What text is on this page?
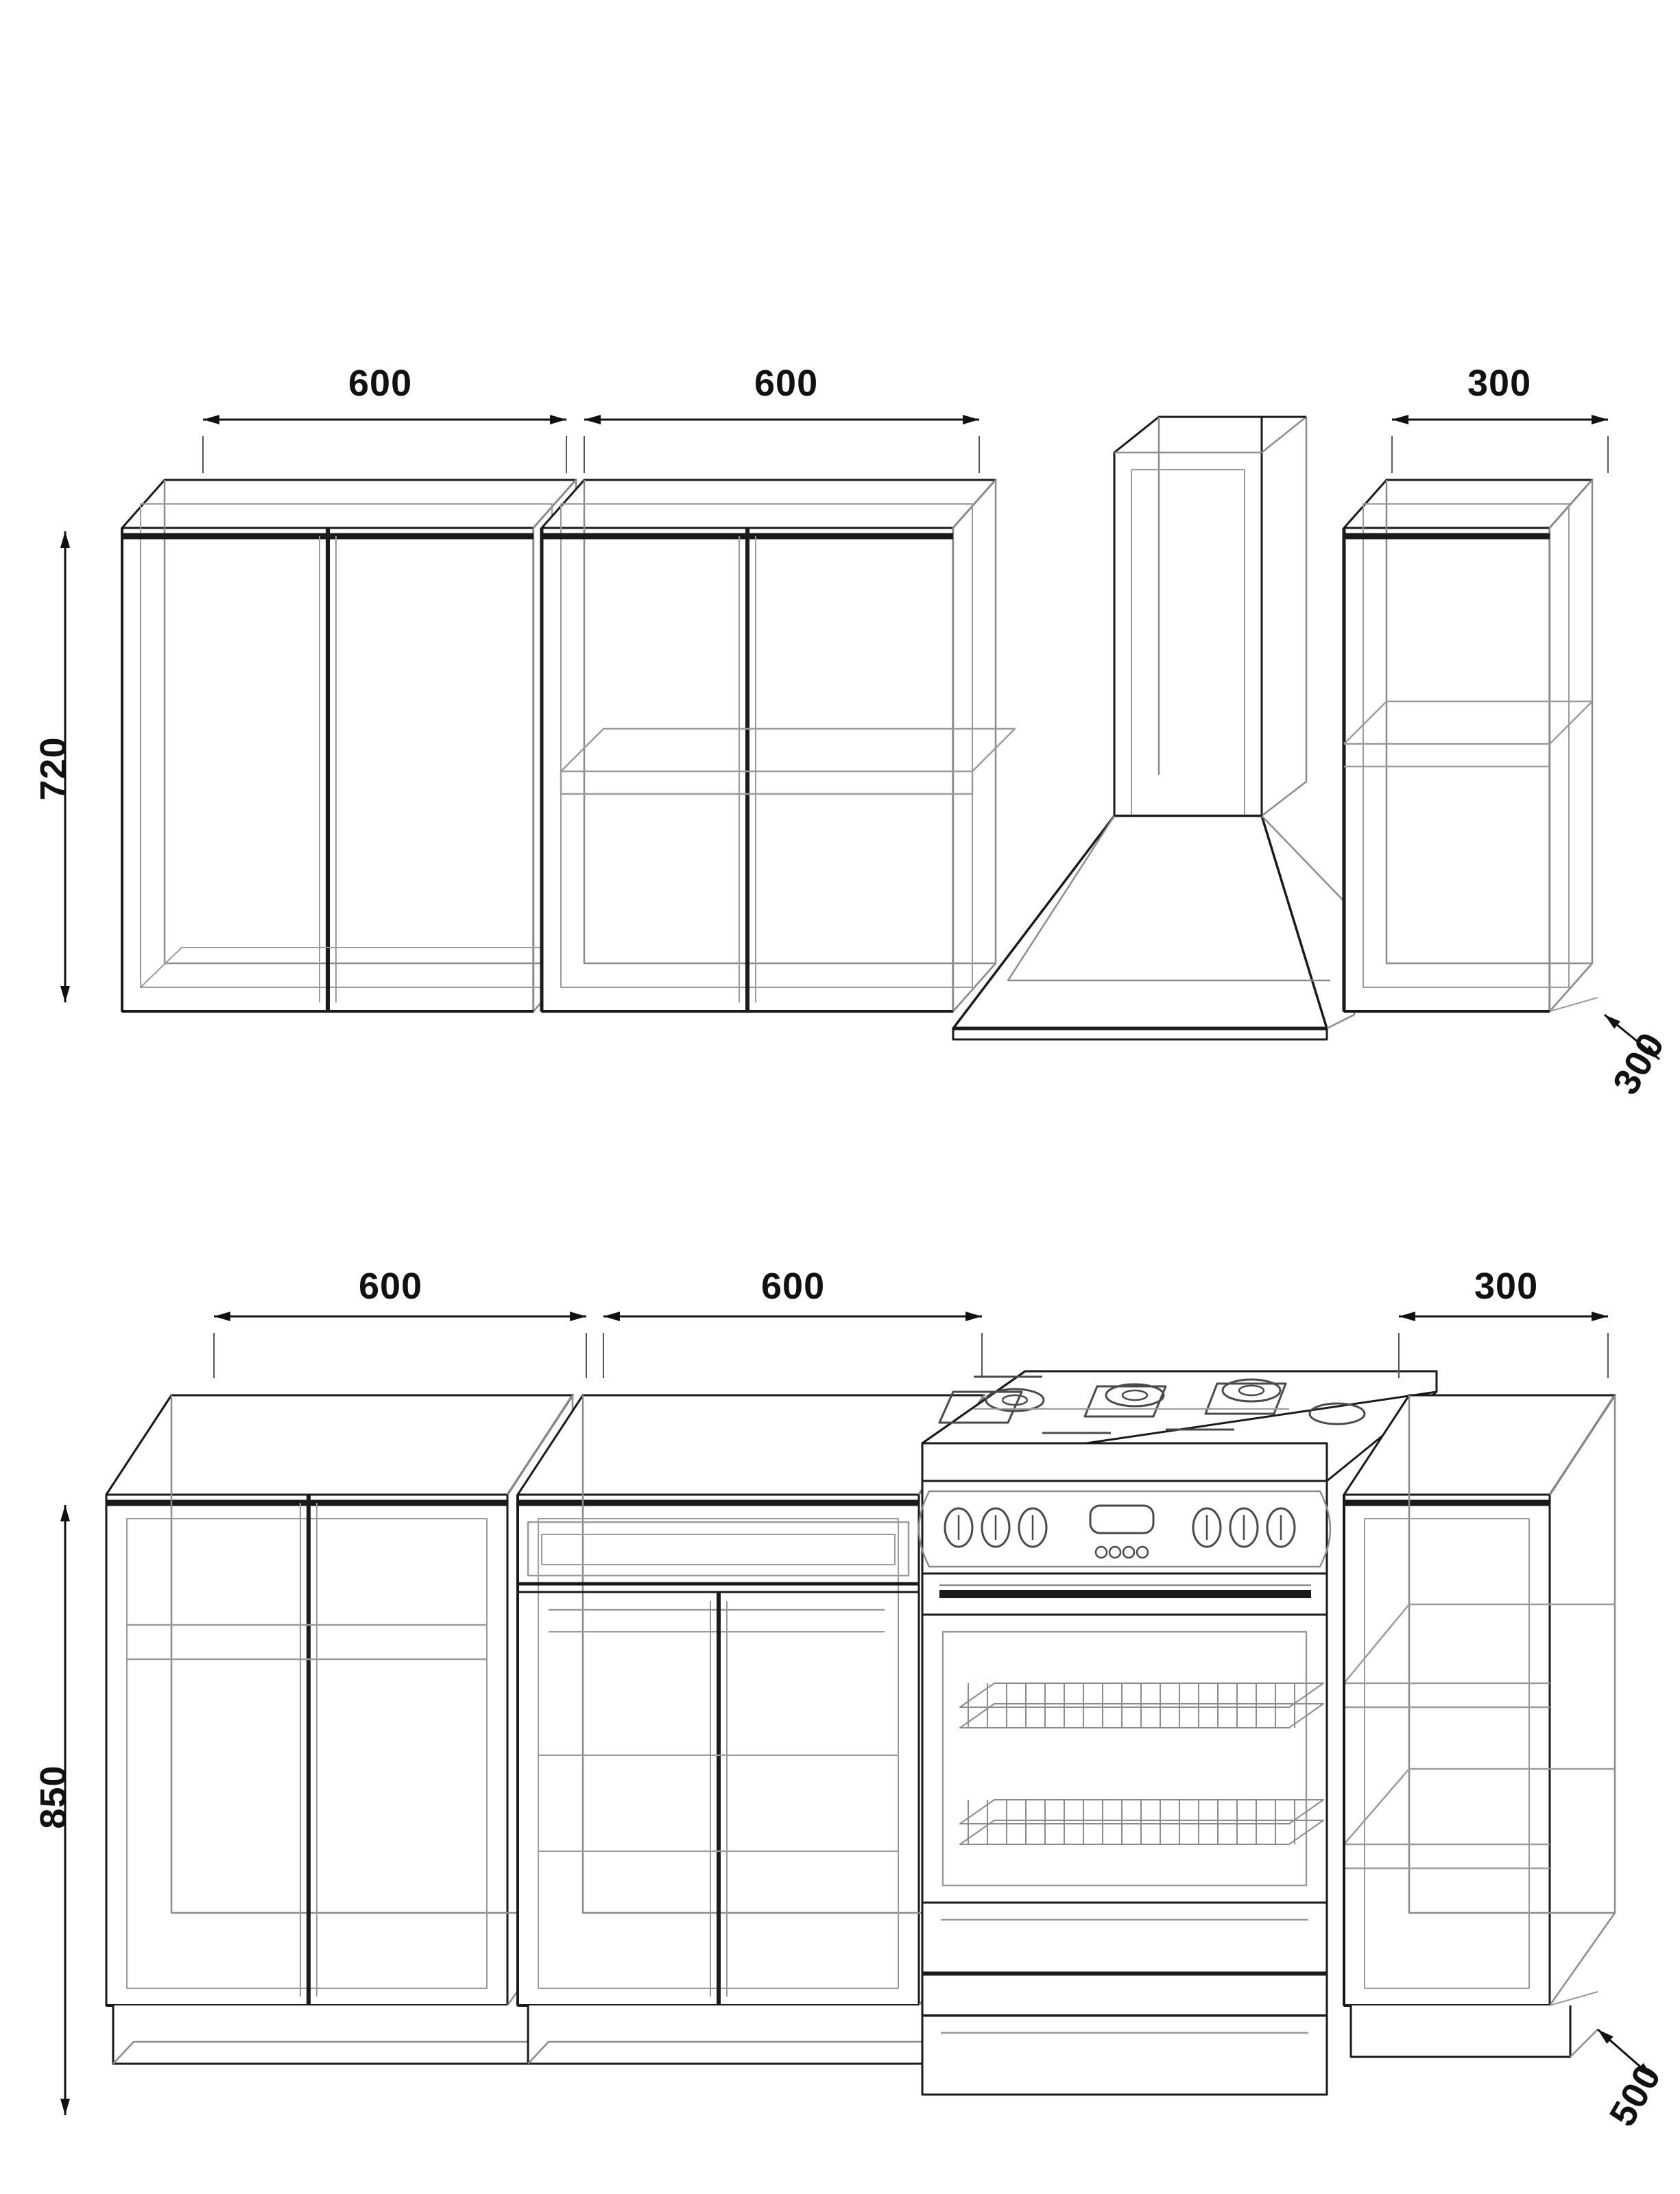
600	600	300
720
300
600	600	300
850
500
